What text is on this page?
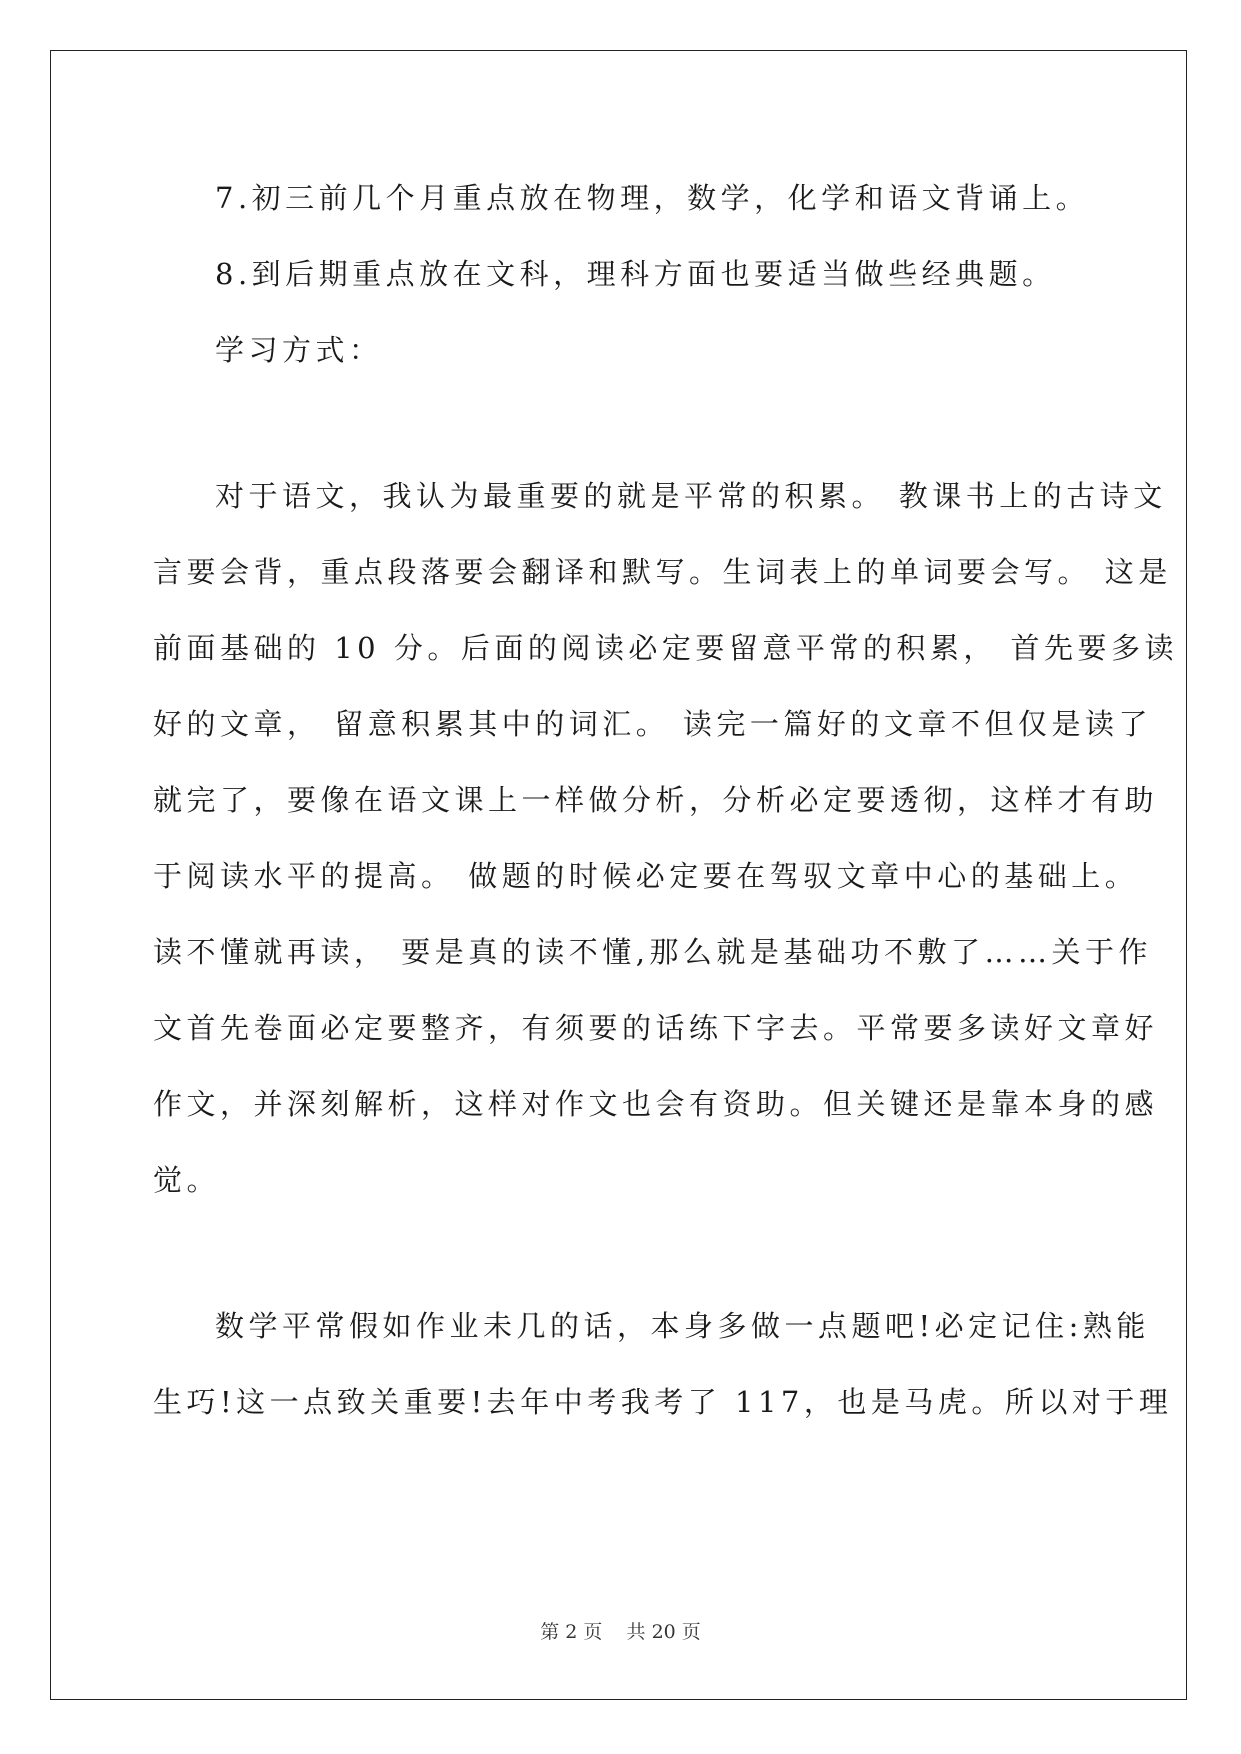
7.初三前几个月重点放在物理，数学，化学和语文背诵上。
8.到后期重点放在文科，理科方面也要适当做些经典题。
学习方式：
对于语文，我认为最重要的就是平常的积累。 教课书上的古诗文
言要会背，重点段落要会翻译和默写。生词表上的单词要会写。 这是
前面基础的 10 分。后面的阅读必定要留意平常的积累， 首先要多读
好的文章， 留意积累其中的词汇。 读完一篇好的文章不但仅是读了
就完了，要像在语文课上一样做分析，分析必定要透彻，这样才有助
于阅读水平的提高。 做题的时候必定要在驾驭文章中心的基础上。
读不懂就再读， 要是真的读不懂,那么就是基础功不敷了……关于作
文首先卷面必定要整齐，有须要的话练下字去。平常要多读好文章好
作文，并深刻解析，这样对作文也会有资助。但关键还是靠本身的感
觉。
数学平常假如作业未几的话，本身多做一点题吧!必定记住:熟能
生巧!这一点致关重要!去年中考我考了 117，也是马虎。所以对于理
第 2 页    共 20 页
